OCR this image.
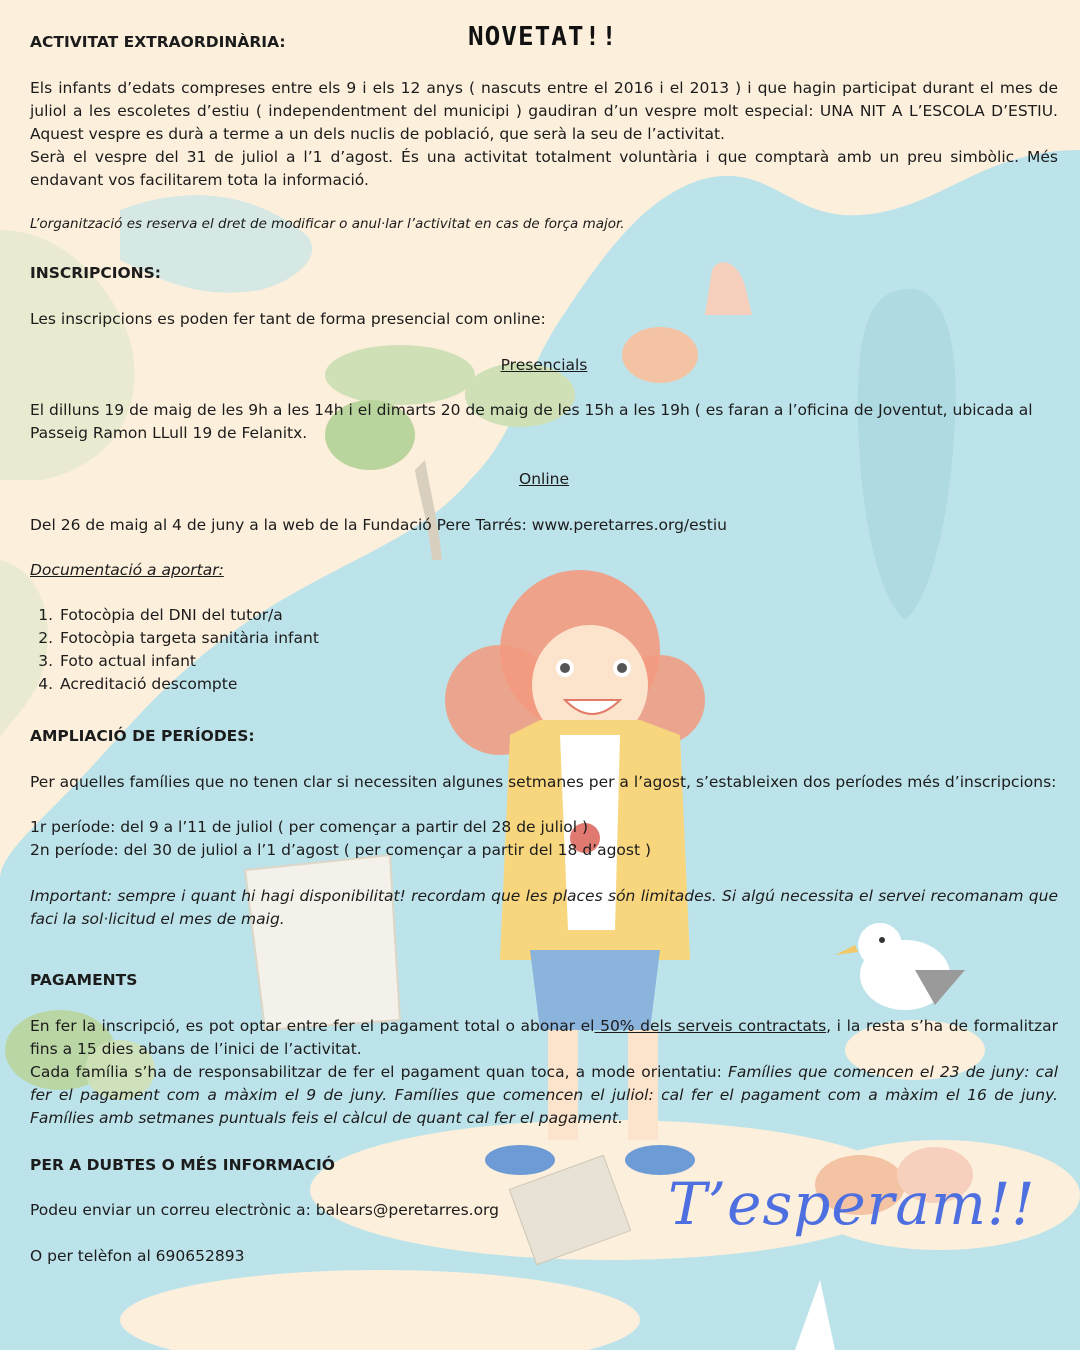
ACTIVITAT EXTRAORDINÀRIA:	NOVETAT!!

Els infants d’edats compreses entre els 9 i els 12 anys ( nascuts entre el 2016 i el 2013 ) i que hagin participat durant el mes de juliol a les escoletes d’estiu ( independentment del municipi ) gaudiran d’un vespre molt especial: UNA NIT A L’ESCOLA D’ESTIU. Aquest vespre es durà a terme a un dels nuclis de població, que serà la seu de l’activitat.

Serà el vespre del 31 de juliol a l’1 d’agost. És una activitat totalment voluntària i que comptarà amb un preu simbòlic. Més endavant vos facilitarem tota la informació.

L’organització es reserva el dret de modificar o anul·lar l’activitat en cas de força major.

INSCRIPCIONS:

Les inscripcions es poden fer tant de forma presencial com online:

Presencials

El dilluns 19 de maig de les 9h a les 14h i el dimarts 20 de maig de les 15h a les 19h ( es faran a l’oficina de Joventut, ubicada al Passeig Ramon LLull 19 de Felanitx.

Online

Del 26 de maig al 4 de juny a la web de la Fundació Pere Tarrés: www.peretarres.org/estiu

Documentació a aportar:

1. Fotocòpia del DNI del tutor/a
2. Fotocòpia targeta sanitària infant
3. Foto actual infant
4. Acreditació descompte

AMPLIACIÓ DE PERÍODES:

Per aquelles famílies que no tenen clar si necessiten algunes setmanes per a l’agost, s’estableixen dos períodes més d’inscripcions:

1r període: del 9 a l’11 de juliol ( per començar a partir del 28 de juliol )

2n període: del 30 de juliol a l’1 d’agost ( per començar a partir del 18 d’agost )

Important: sempre i quant hi hagi disponibilitat! recordam que les places són limitades. Si algú necessita el servei recomanam que faci la sol·licitud el mes de maig.

PAGAMENTS

En fer la inscripció, es pot optar entre fer el pagament total o abonar el 50% dels serveis contractats, i la resta s’ha de formalitzar fins a 15 dies abans de l’inici de l’activitat.

Cada família s’ha de responsabilitzar de fer el pagament quan toca, a mode orientatiu: Famílies que comencen el 23 de juny: cal fer el pagament com a màxim el 9 de juny. Famílies que comencen el juliol: cal fer el pagament com a màxim el 16 de juny. Famílies amb setmanes puntuals feis el càlcul de quant cal fer el pagament.

PER A DUBTES O MÉS INFORMACIÓ

Podeu enviar un correu electrònic a: balears@peretarres.org

O per telèfon al 690652893

T’esperam!!
